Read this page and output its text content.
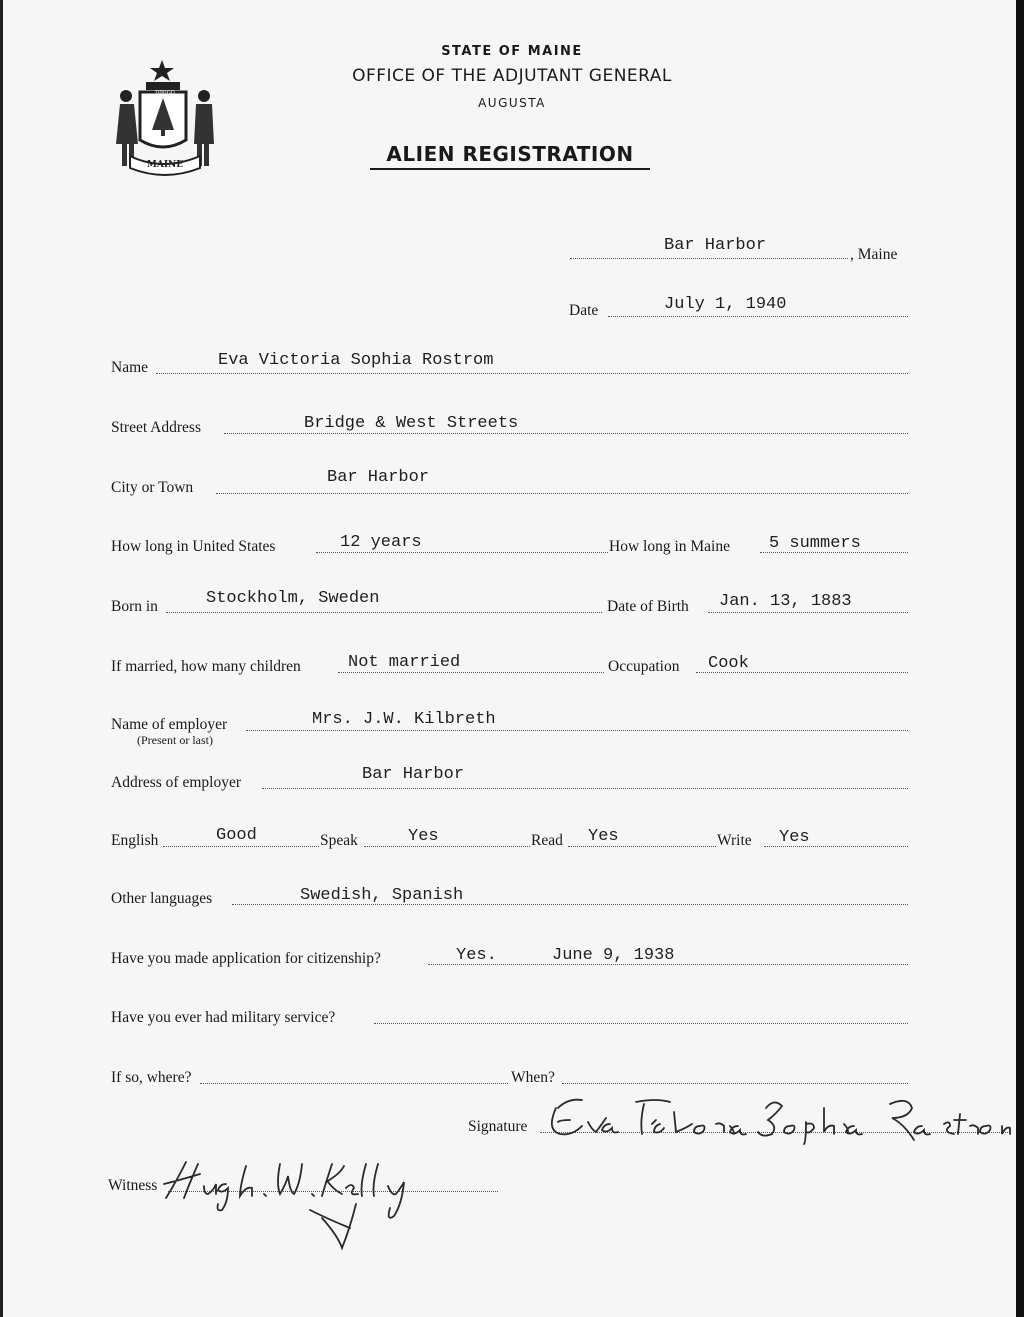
MAINE
DIRIGO
STATE OF MAINE
OFFICE OF THE ADJUTANT GENERAL
AUGUSTA
ALIEN REGISTRATION
Bar Harbor	, Maine
Date	July 1, 1940
Name	Eva Victoria Sophia Rostrom
Street Address	Bridge & West Streets
City or Town
Bar Harbor
How long in United States	12 years	How long in Maine 5 summers
Born in	Stockholm, Sweden	Date of Birth Jan. 13, 1883
If married, how many children	Not married	Occupation Cook
Name of employer
(Present or last)
Mrs. J.W. Kilbreth
Address of employer	Bar Harbor
English	Good	Speak	Yes	Read Yes	Write Yes
Other languages	Swedish, Spanish
Have you made application for citizenship?	Yes.	June 9, 1938
Have you ever had military service?
If so, where?	When?
Signature
Witness
